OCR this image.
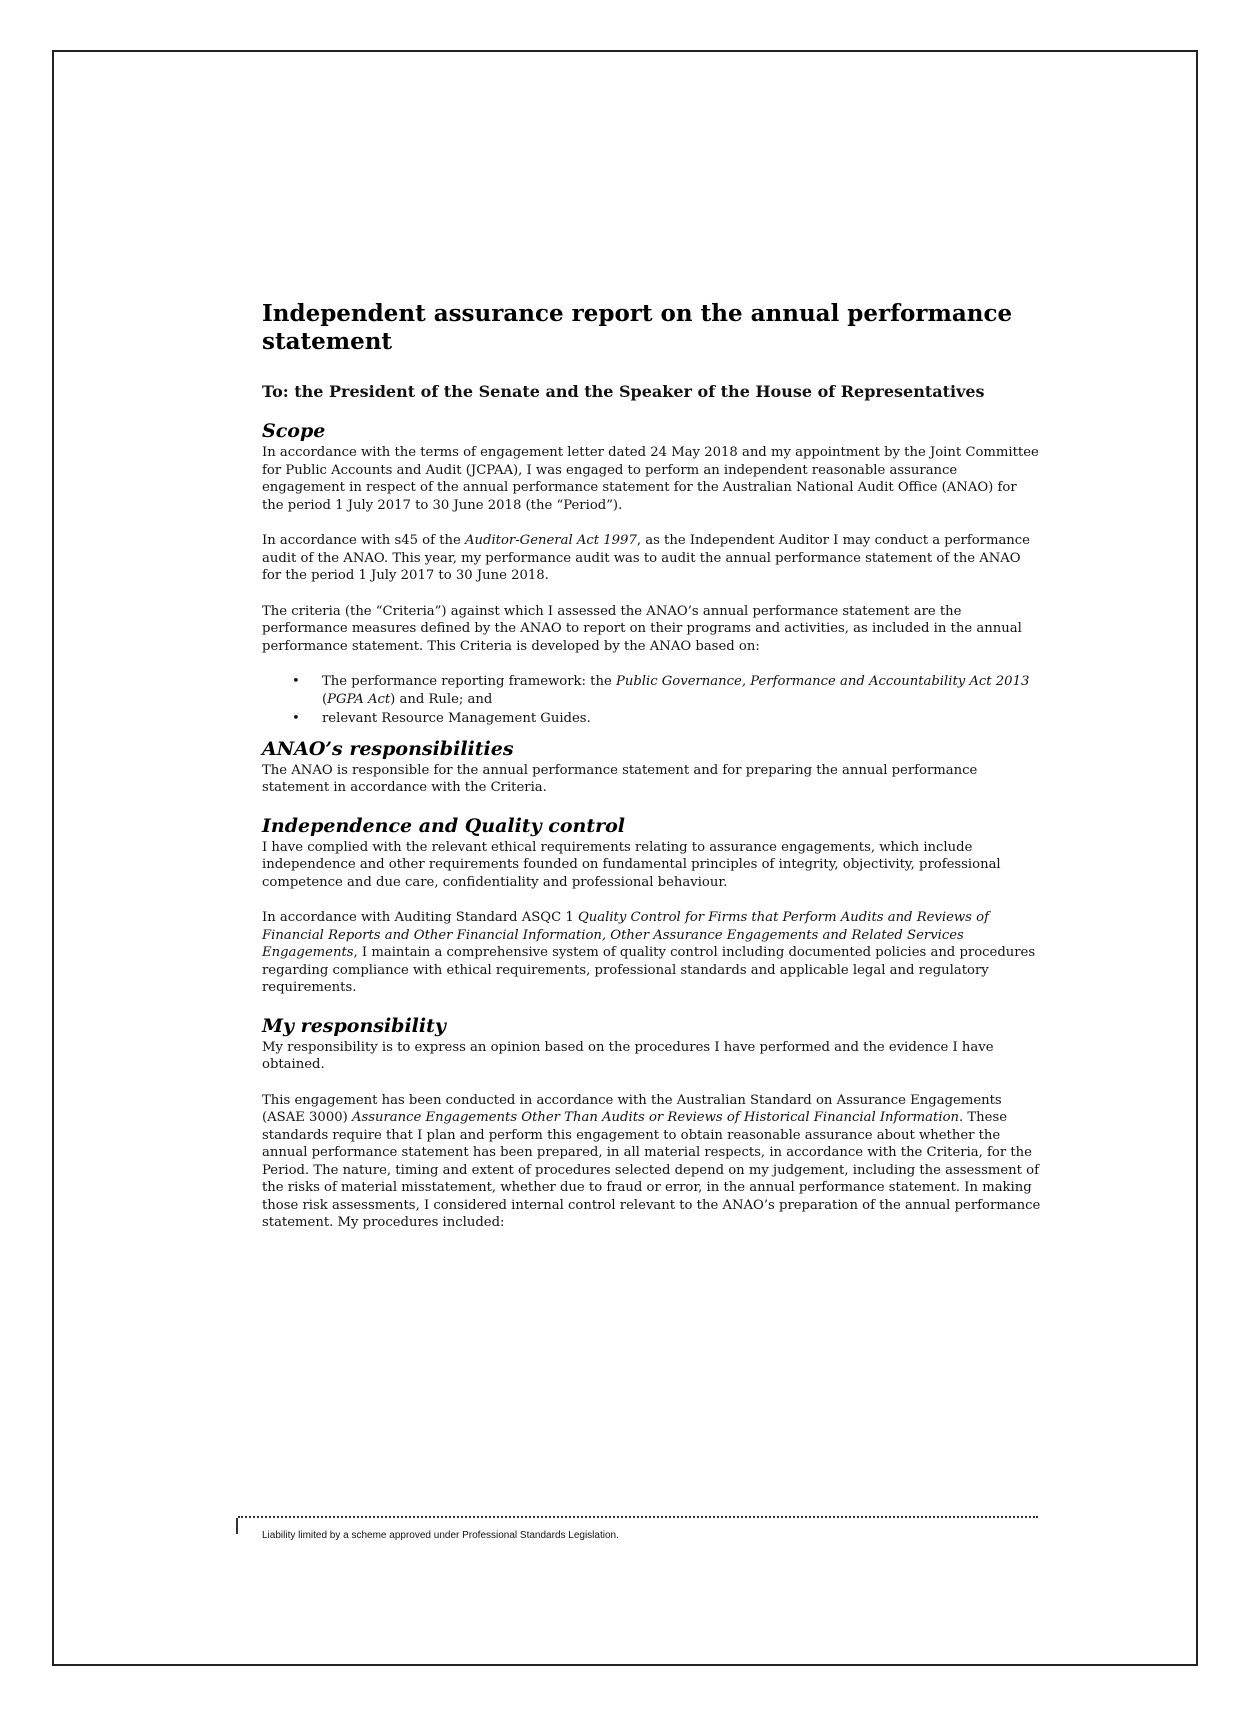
Independent assurance report on the annual performance statement
To: the President of the Senate and the Speaker of the House of Representatives
Scope

In accordance with the terms of engagement letter dated 24 May 2018 and my appointment by the Joint Committee for Public Accounts and Audit (JCPAA), I was engaged to perform an independent reasonable assurance engagement in respect of the annual performance statement for the Australian National Audit Office (ANAO) for the period 1 July 2017 to 30 June 2018 (the “Period”).

In accordance with s45 of the Auditor-General Act 1997, as the Independent Auditor I may conduct a performance audit of the ANAO. This year, my performance audit was to audit the annual performance statement of the ANAO for the period 1 July 2017 to 30 June 2018.

The criteria (the “Criteria”) against which I assessed the ANAO’s annual performance statement are the performance measures defined by the ANAO to report on their programs and activities, as included in the annual performance statement. This Criteria is developed by the ANAO based on:

• The performance reporting framework: the Public Governance, Performance and Accountability Act 2013 (PGPA Act) and Rule; and
• relevant Resource Management Guides.
ANAO’s responsibilities

The ANAO is responsible for the annual performance statement and for preparing the annual performance statement in accordance with the Criteria.

Independence and Quality control

I have complied with the relevant ethical requirements relating to assurance engagements, which include independence and other requirements founded on fundamental principles of integrity, objectivity, professional competence and due care, confidentiality and professional behaviour.

In accordance with Auditing Standard ASQC 1 Quality Control for Firms that Perform Audits and Reviews of Financial Reports and Other Financial Information, Other Assurance Engagements and Related Services Engagements, I maintain a comprehensive system of quality control including documented policies and procedures regarding compliance with ethical requirements, professional standards and applicable legal and regulatory requirements.

My responsibility

My responsibility is to express an opinion based on the procedures I have performed and the evidence I have obtained.

This engagement has been conducted in accordance with the Australian Standard on Assurance Engagements (ASAE 3000) Assurance Engagements Other Than Audits or Reviews of Historical Financial Information. These standards require that I plan and perform this engagement to obtain reasonable assurance about whether the annual performance statement has been prepared, in all material respects, in accordance with the Criteria, for the Period. The nature, timing and extent of procedures selected depend on my judgement, including the assessment of the risks of material misstatement, whether due to fraud or error, in the annual performance statement. In making those risk assessments, I considered internal control relevant to the ANAO’s preparation of the annual performance statement. My procedures included:

Liability limited by a scheme approved under Professional Standards Legislation.
